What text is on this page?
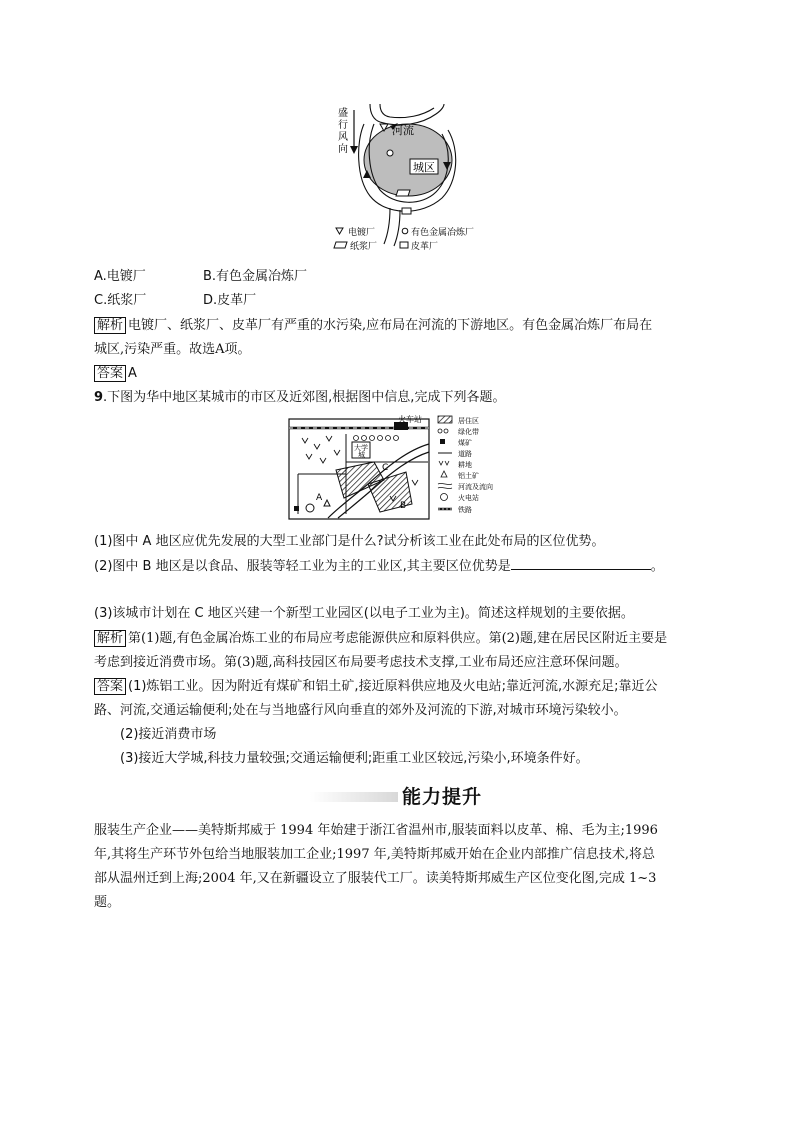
盛
行
风
向
河流
城区
电镀厂	有色金属冶炼厂
纸浆厂	皮革厂
A.电镀厂	B.有色金属冶炼厂
C.纸浆厂	D.皮革厂
解析 电镀厂、纸浆厂、皮革厂有严重的水污染,应布局在河流的下游地区。有色金属冶炼厂布局在
城区,污染严重。故选A项。
答案 A
9.下图为华中地区某城市的市区及近郊图,根据图中信息,完成下列各题。
火车站
大学
城
A
B
C
居住区
绿化带
煤矿
道路
耕地
铝土矿
河流及流向
火电站
铁路
(1)图中 A 地区应优先发展的大型工业部门是什么?试分析该工业在此处布局的区位优势。
(2)图中 B 地区是以食品、服装等轻工业为主的工业区,其主要区位优势是	。
(3)该城市计划在 C 地区兴建一个新型工业园区(以电子工业为主)。简述这样规划的主要依据。
解析 第(1)题,有色金属冶炼工业的布局应考虑能源供应和原料供应。第(2)题,建在居民区附近主要是
考虑到接近消费市场。第(3)题,高科技园区布局要考虑技术支撑,工业布局还应注意环保问题。
答案 (1)炼铝工业。因为附近有煤矿和铝土矿,接近原料供应地及火电站;靠近河流,水源充足;靠近公
路、河流,交通运输便利;处在与当地盛行风向垂直的郊外及河流的下游,对城市环境污染较小。
(2)接近消费市场
(3)接近大学城,科技力量较强;交通运输便利;距重工业区较远,污染小,环境条件好。
能力提升
服装生产企业——美特斯邦威于 1994 年始建于浙江省温州市,服装面料以皮革、棉、毛为主;1996
年,其将生产环节外包给当地服装加工企业;1997 年,美特斯邦威开始在企业内部推广信息技术,将总
部从温州迁到上海;2004 年,又在新疆设立了服装代工厂。读美特斯邦威生产区位变化图,完成 1~3
题。
